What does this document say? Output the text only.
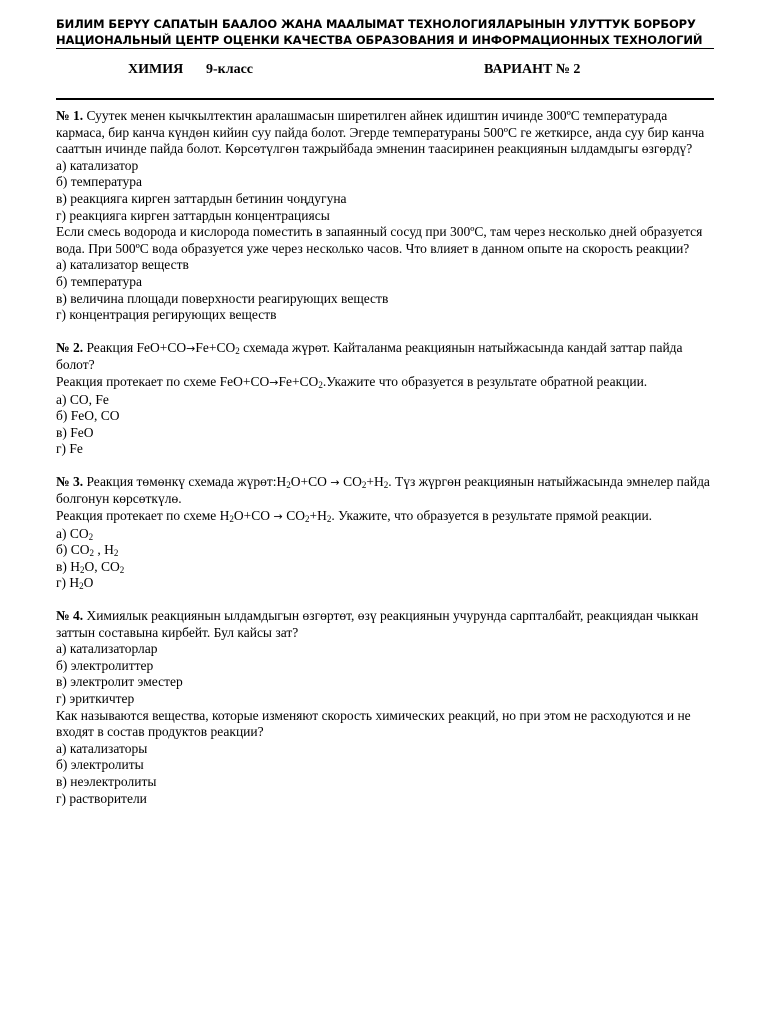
БИЛИМ БЕРҮҮ САПАТЫН БААЛОО ЖАНА МААЛЫМАТ ТЕХНОЛОГИЯЛАРЫНЫН УЛУТТУК БОРБОРУ
НАЦИОНАЛЬНЫЙ ЦЕНТР ОЦЕНКИ КАЧЕСТВА ОБРАЗОВАНИЯ И ИНФОРМАЦИОННЫХ ТЕХНОЛОГИЙ
ХИМИЯ 9-класс	ВАРИАНТ № 2

№ 1. Суутек менен кычкылтектин аралашмасын ширетилген айнек идиштин ичинде 300ºС температурада кармаса, бир канча күндөн кийин суу пайда болот. Эгерде температураны 500ºС ге жеткирсе, анда суу бир канча сааттын ичинде пайда болот. Көрсөтүлгөн тажрыйбада эмненин таасиринен реакциянын ылдамдыгы өзгөрдү?

а) катализатор

б) температура

в) реакцияга кирген заттардын бетинин чоңдугуна

г) реакцияга кирген заттардын концентрациясы

Если смесь водорода и кислорода поместить в запаянный сосуд при 300ºС, там через несколько дней образуется вода. При 500ºС вода образуется уже через несколько часов. Что влияет в данном опыте на скорость реакции?

а) катализатор веществ

б) температура

в) величина площади поверхности реагирующих веществ

г) концентрация регирующих веществ

№ 2. Реакция $FeO+CO\to Fe+CO_2$ схемада жүрөт. Кайталанма реакциянын натыйжасында кандай заттар пайда болот?

Реакция протекает по схеме $FeO+CO\to Fe+CO_2.Укажите$ что образуется в результате обратной реакции.

а) CO, Fe

б) FeO, CO

в) FeO

г) Fe

№ 3. Реакция төмөнкү схемада $жүрөт:H_2O+CO \to CO_2+H_2$. Түз жүргөн реакциянын натыйжасында эмнелер пайда болгонун көрсөткүлө.

Реакция протекает по схеме $H_2O+CO \to CO_2+H_2$. Укажите, что образуется в результате прямой реакции.

а) $CO_2$

б) $CO_2$ , $H_2$

в) $H_2O$, $CO_2$

г) $H_2O$

№ 4. Химиялык реакциянын ылдамдыгын өзгөртөт, өзү реакциянын учурунда сарпталбайт, реакциядан чыккан заттын составына кирбейт. Бул кайсы зат?

а) катализаторлар

б) электролиттер

в) электролит эместер

г) эриткичтер

Как называются вещества, которые изменяют скорость химических реакций, но при этом не расходуются и не входят в состав продуктов реакции?

а) катализаторы

б) электролиты

в) неэлектролиты

г) растворители
